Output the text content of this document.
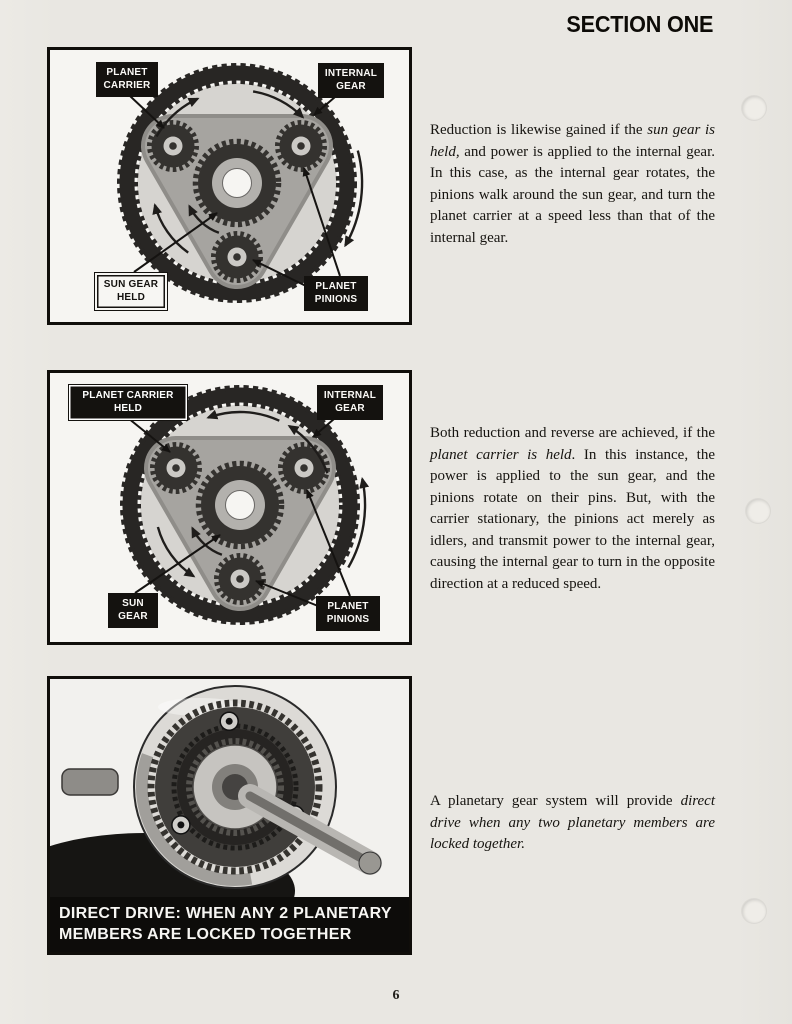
SECTION ONE
PLANET CARRIER
INTERNAL GEAR
SUN GEAR HELD
PLANET PINIONS
PLANET CARRIER HELD
INTERNAL GEAR
SUN GEAR
PLANET PINIONS
DIRECT DRIVE: WHEN ANY 2 PLANETARY
MEMBERS ARE LOCKED TOGETHER

Reduction is likewise gained if the sun gear is held, and power is applied to the internal gear. In this case, as the internal gear rotates, the pinions walk around the sun gear, and turn the planet carrier at a speed less than that of the internal gear.

Both reduction and reverse are achieved, if the planet carrier is held. In this instance, the power is applied to the sun gear, and the pinions rotate on their pins. But, with the carrier stationary, the pinions act merely as idlers, and transmit power to the internal gear, causing the internal gear to turn in the opposite direction at a reduced speed.

A planetary gear system will provide direct drive when any two planetary members are locked together.

6
